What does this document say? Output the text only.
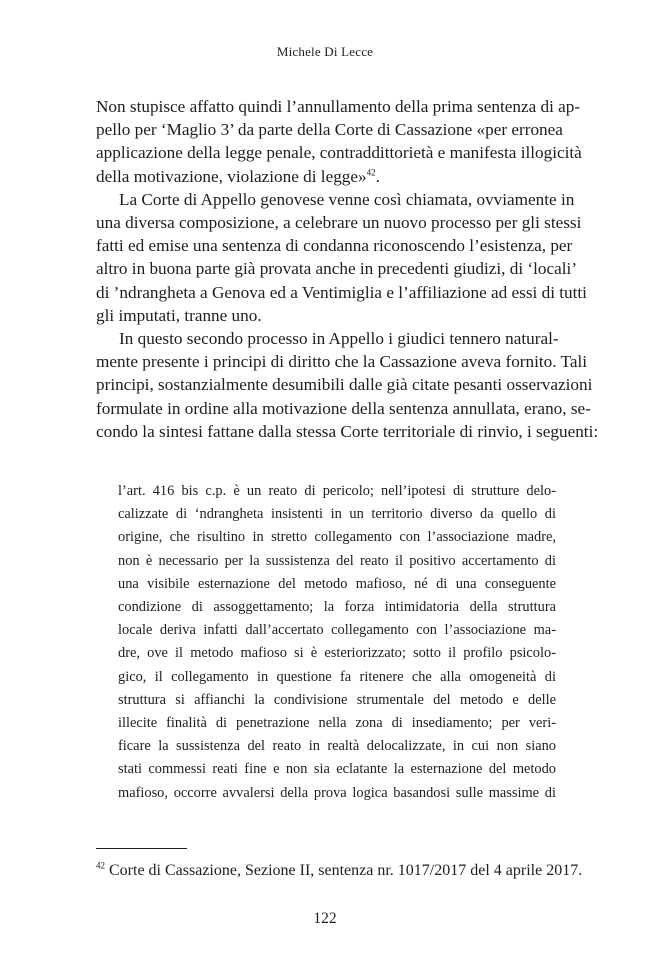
Michele Di Lecce
Non stupisce affatto quindi l’annullamento della prima sentenza di ap-
pello per ‘Maglio 3’ da parte della Corte di Cassazione «per erronea
applicazione della legge penale, contraddittorietà e manifesta illogicità
della motivazione, violazione di legge»$^{42}$.
La Corte di Appello genovese venne così chiamata, ovviamente in
una diversa composizione, a celebrare un nuovo processo per gli stessi
fatti ed emise una sentenza di condanna riconoscendo l’esistenza, per
altro in buona parte già provata anche in precedenti giudizi, di ‘locali’
di ’ndrangheta a Genova ed a Ventimiglia e l’affiliazione ad essi di tutti
gli imputati, tranne uno.
In questo secondo processo in Appello i giudici tennero natural-
mente presente i principi di diritto che la Cassazione aveva fornito. Tali
principi, sostanzialmente desumibili dalle già citate pesanti osservazioni
formulate in ordine alla motivazione della sentenza annullata, erano, se-
condo la sintesi fattane dalla stessa Corte territoriale di rinvio, i seguenti:
l’art. 416 bis c.p. è un reato di pericolo; nell’ipotesi di strutture delo-
calizzate di ‘ndrangheta insistenti in un territorio diverso da quello di
origine, che risultino in stretto collegamento con l’associazione madre,
non è necessario per la sussistenza del reato il positivo accertamento di
una visibile esternazione del metodo mafioso, né di una conseguente
condizione di assoggettamento; la forza intimidatoria della struttura
locale deriva infatti dall’accertato collegamento con l’associazione ma-
dre, ove il metodo mafioso si è esteriorizzato; sotto il profilo psicolo-
gico, il collegamento in questione fa ritenere che alla omogeneità di
struttura si affianchi la condivisione strumentale del metodo e delle
illecite finalità di penetrazione nella zona di insediamento; per veri-
ficare la sussistenza del reato in realtà delocalizzate, in cui non siano
stati commessi reati fine e non sia eclatante la esternazione del metodo
mafioso, occorre avvalersi della prova logica basandosi sulle massime di
$^{42}$ Corte di Cassazione, Sezione II, sentenza nr. 1017/2017 del 4 aprile 2017.
122
